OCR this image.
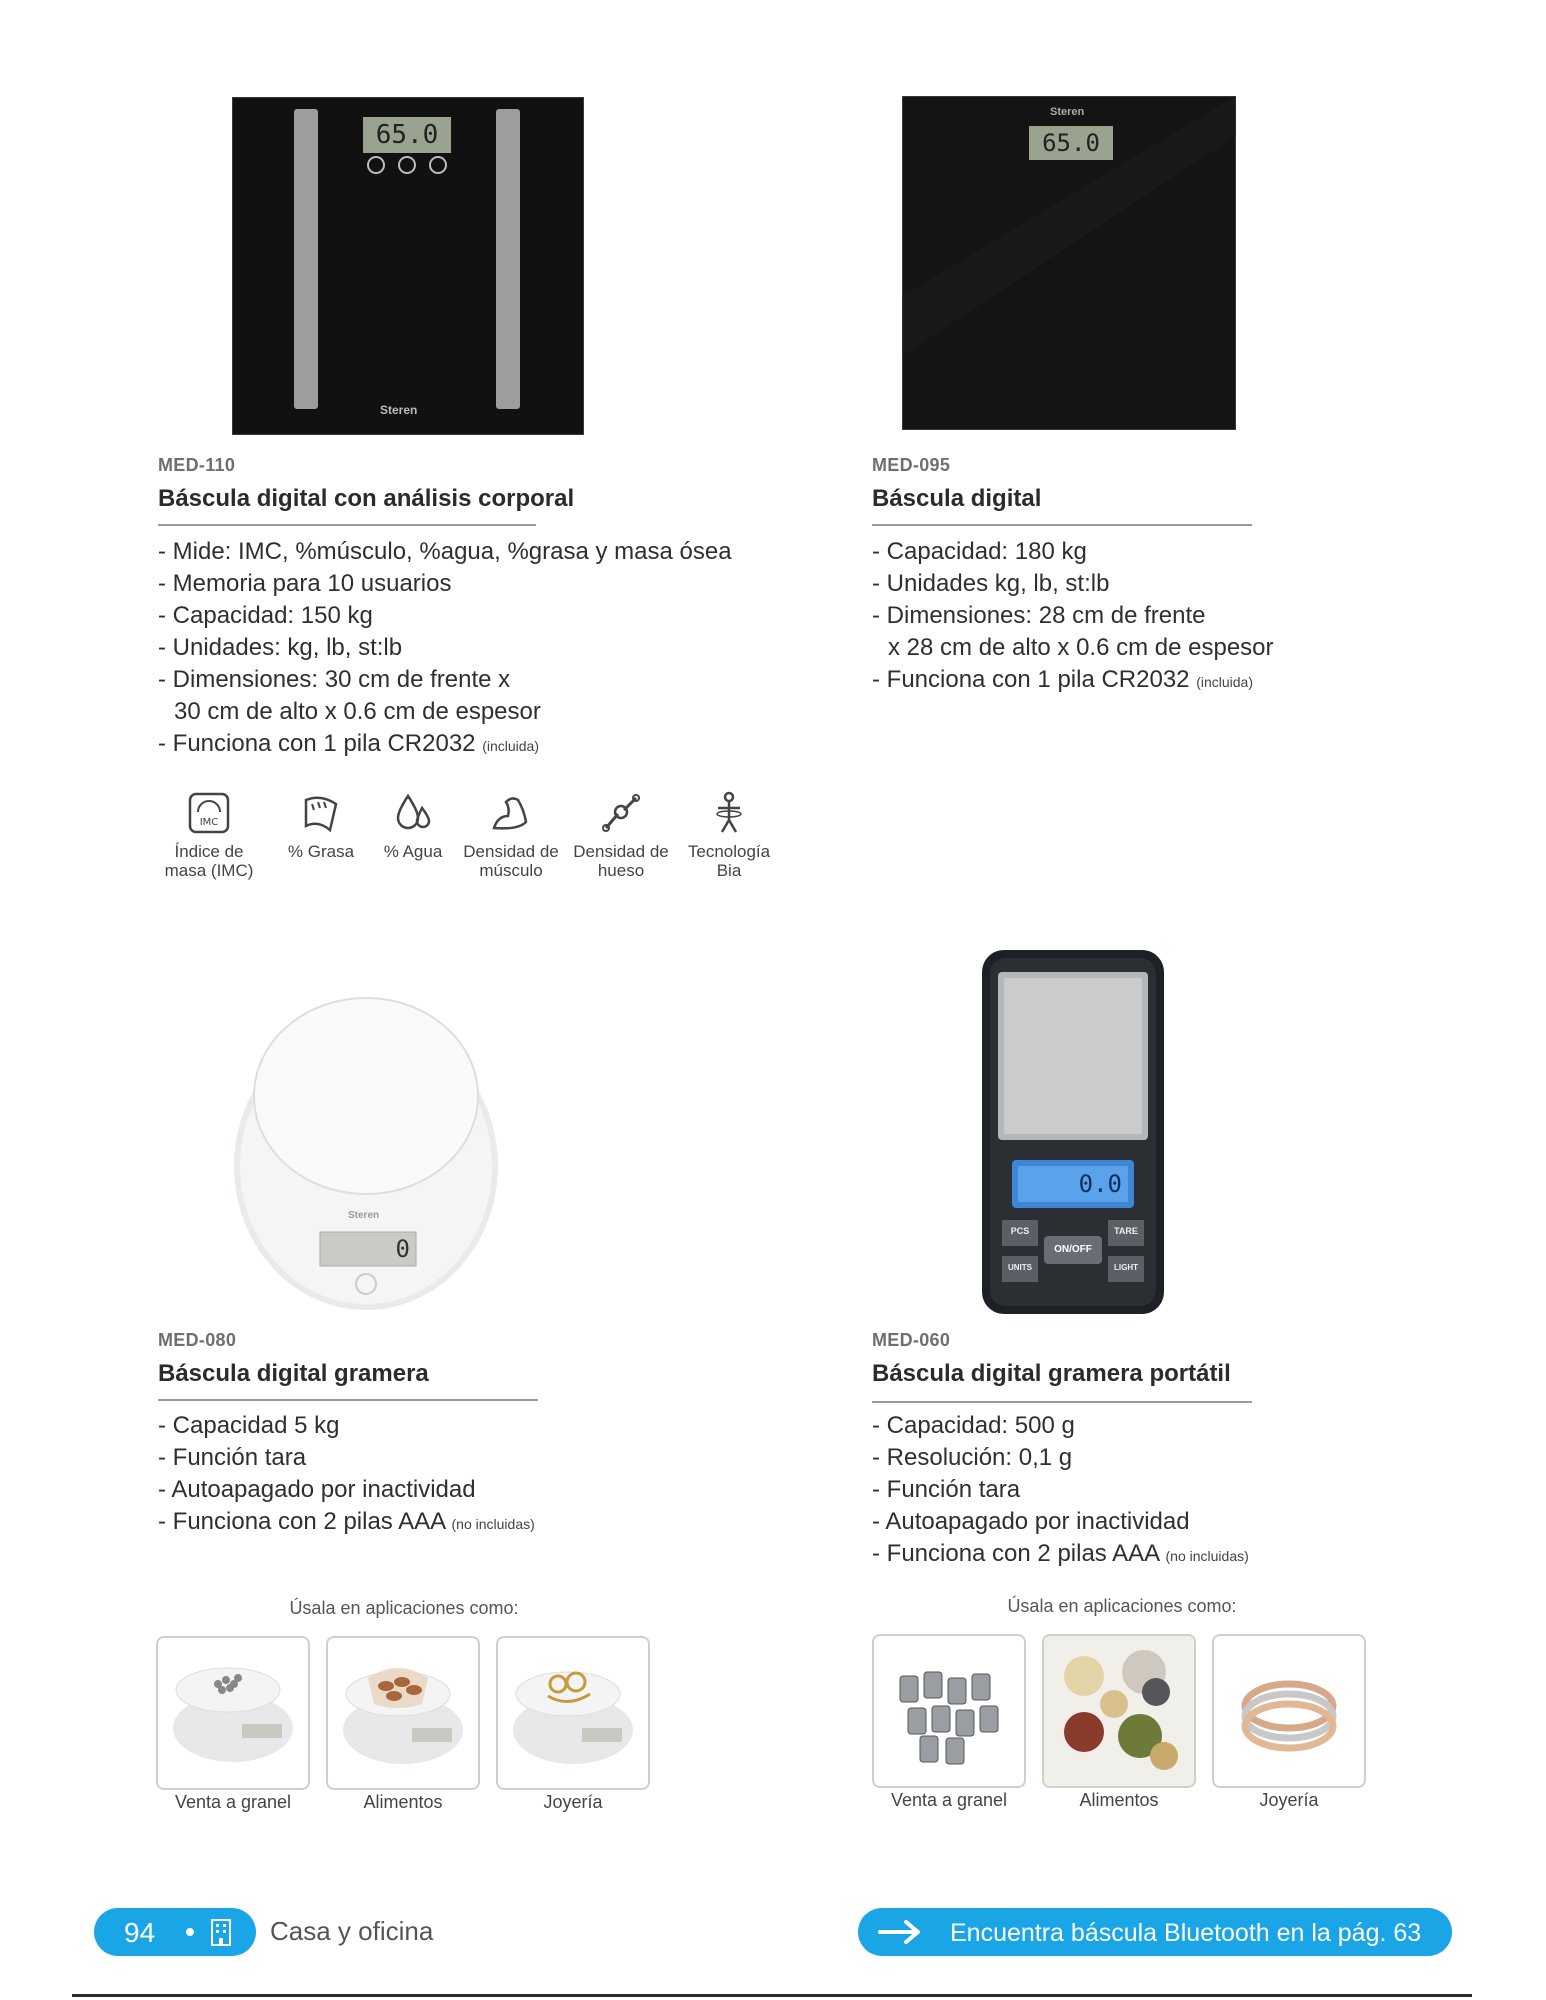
65.0
Steren
MED-110
Báscula digital con análisis corporal
- Mide: IMC, %músculo, %agua, %grasa y masa ósea
- Memoria para 10 usuarios
- Capacidad: 150 kg
- Unidades: kg, lb, st:lb
- Dimensiones: 30 cm de frente x
30 cm de alto x 0.6 cm de espesor
- Funciona con 1 pila CR2032 (incluida)
IMC
Índice de masa (IMC)
% Grasa	% Agua	Densidad de músculo
Densidad de hueso
Tecnología Bia
Steren
65.0
MED-095
Báscula digital
- Capacidad: 180 kg
- Unidades kg, lb, st:lb
- Dimensiones: 28 cm de frente
x 28 cm de alto x 0.6 cm de espesor
- Funciona con 1 pila CR2032 (incluida)
Steren
0
MED-080
Báscula digital gramera
- Capacidad 5 kg
- Función tara
- Autoapagado por inactividad
- Funciona con 2 pilas AAA (no incluidas)
Úsala en aplicaciones como:
Venta a granel	Alimentos	Joyería
0.0
PCS	TARE
ON/OFF
UNITS	LIGHT
MED-060
Báscula digital gramera portátil
- Capacidad: 500 g
- Resolución: 0,1 g
- Función tara
- Autoapagado por inactividad
- Funciona con 2 pilas AAA (no incluidas)
Úsala en aplicaciones como:
Venta a granel	Alimentos	Joyería
94	Casa y oficina	Encuentra báscula Bluetooth en la pág. 63
